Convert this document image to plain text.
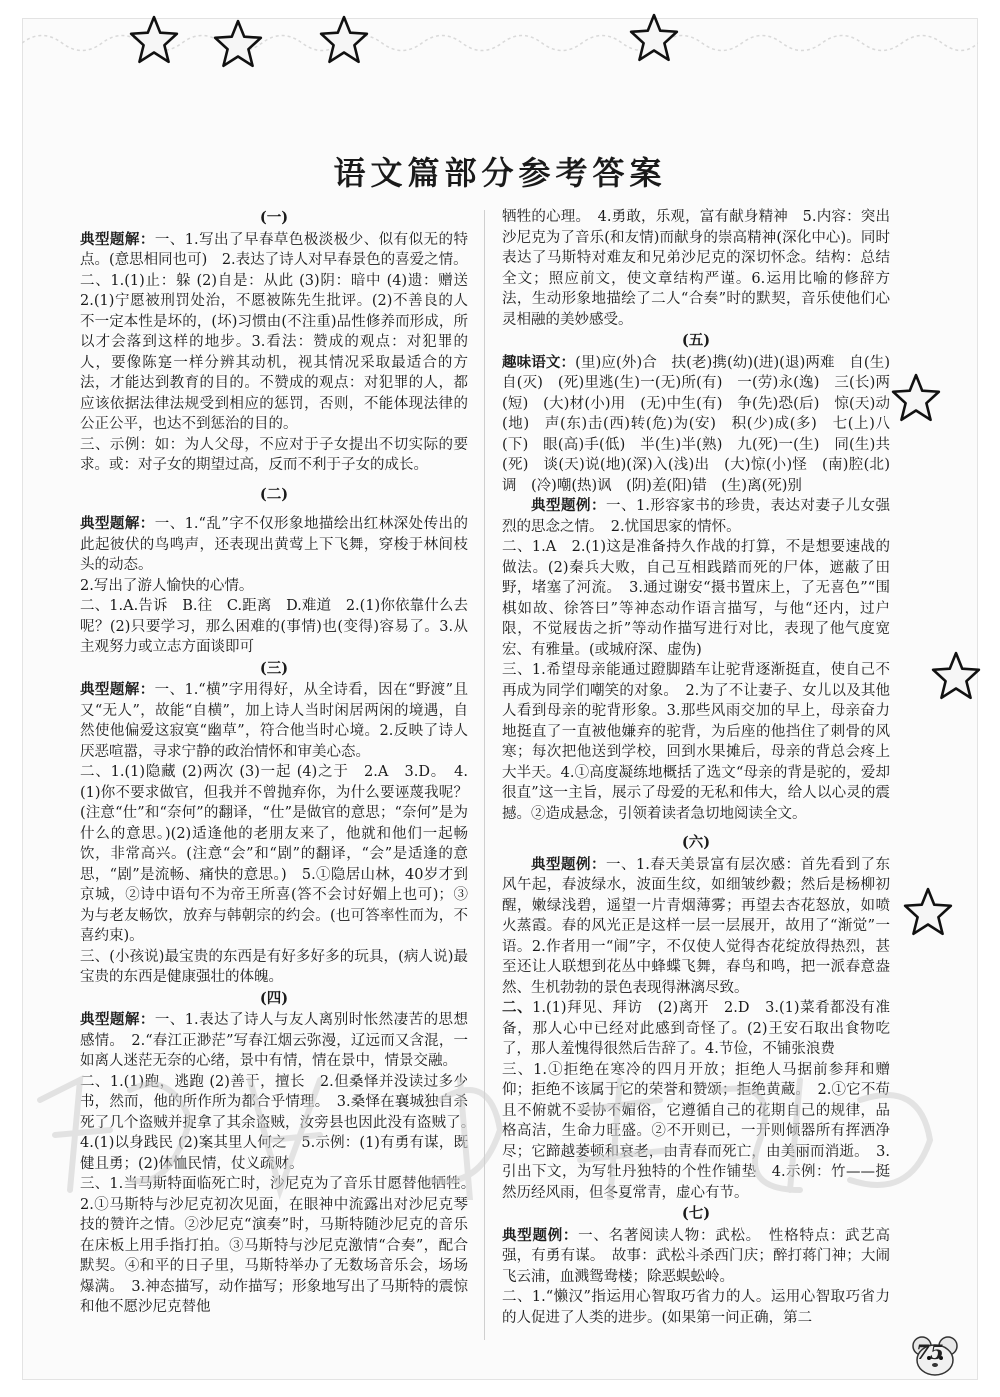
语文篇部分参考答案

(一)

典型题解：一、1.写出了早春草色极淡极少、似有似无的特点。(意思相同也可)　2.表达了诗人对早春景色的喜爱之情。

二、1.(1)止：躲 (2)自是：从此 (3)阴：暗中 (4)遗：赠送　2.(1)宁愿被刑罚处治，不愿被陈先生批评。(2)不善良的人不一定本性是坏的，(坏)习惯由(不注重)品性修养而形成，所以才会落到这样的地步。3.看法：赞成的观点：对犯罪的人，要像陈寔一样分辨其动机，视其情况采取最适合的方法，才能达到教育的目的。不赞成的观点：对犯罪的人，都应该依据法律法规受到相应的惩罚，否则，不能体现法律的公正公平，也达不到惩治的目的。

三、示例：如：为人父母，不应对于子女提出不切实际的要求。或：对子女的期望过高，反而不利于子女的成长。

(二)

典型题解：一、1.“乱”字不仅形象地描绘出红林深处传出的此起彼伏的鸟鸣声，还表现出黄莺上下飞舞，穿梭于林间枝头的动态。

2.写出了游人愉快的心情。

二、1.A.告诉　B.往　C.距离　D.难道　2.(1)你依靠什么去呢？(2)只要学习，那么困难的(事情)也(变得)容易了。3.从主观努力或立志方面谈即可

(三)

典型题解：一、1.“横”字用得好，从全诗看，因在“野渡”且又“无人”，故能“自横”，加上诗人当时闲居两闲的境遇，自然使他偏爱这寂寞“幽草”，符合他当时心境。2.反映了诗人厌恶喧嚣，寻求宁静的政治情怀和审美心态。

二、1.(1)隐藏 (2)两次 (3)一起 (4)之于　2.A　3.D。　4.(1)你不要求做官，但我并不曾抛弃你，为什么要诬蔑我呢？(注意“仕”和“奈何”的翻译，“仕”是做官的意思；“奈何”是为什么的意思。)(2)适逢他的老朋友来了，他就和他们一起畅饮，非常高兴。(注意“会”和“剧”的翻译，“会”是适逢的意思，“剧”是流畅、痛快的意思。)　5.①隐居山林，40岁才到京城，②诗中语句不为帝王所喜(答不会讨好媚上也可)；③为与老友畅饮，放弃与韩朝宗的约会。(也可答率性而为，不喜约束)。

三、(小孩说)最宝贵的东西是有好多好多的玩具，(病人说)最宝贵的东西是健康强壮的体魄。

(四)

典型题解：一、1.表达了诗人与友人离别时怅然凄苦的思想感情。　2.“春江正渺茫”写春江烟云弥漫，辽远而又含混，一如离人迷茫无奈的心绪，景中有情，情在景中，情景交融。

二、1.(1)跑，逃跑 (2)善于，擅长　2.但桑怿并没读过多少书，然而，他的所作所为都合乎情理。　3.桑怿在襄城独自杀死了几个盗贼并捉拿了其余盗贼，汝旁县也因此没有盗贼了。　4.(1)以身践民 (2)案其里人何之　5.示例：(1)有勇有谋，既健且勇；(2)体恤民情，仗义疏财。

三、1.当马斯特面临死亡时，沙尼克为了音乐甘愿替他牺牲。　2.①马斯特与沙尼克初次见面，在眼神中流露出对沙尼克琴技的赞许之情。②沙尼克“演奏”时，马斯特随沙尼克的音乐在床板上用手指打拍。③马斯特与沙尼克激情“合奏”，配合默契。④和平的日子里，马斯特举办了无数场音乐会，场场爆满。　3.神态描写，动作描写；形象地写出了马斯特的震惊和他不愿沙尼克替他

牺牲的心理。　4.勇敢，乐观，富有献身精神　5.内容：突出沙尼克为了音乐(和友情)而献身的崇高精神(深化中心)。同时表达了马斯特对难友和兄弟沙尼克的深切怀念。结构：总结全文；照应前文，使文章结构严谨。6.运用比喻的修辞方法，生动形象地描绘了二人“合奏”时的默契，音乐使他们心灵相融的美妙感受。

(五)

趣味语文：(里)应(外)合　扶(老)携(幼)(进)(退)两难　自(生)自(灭)　(死)里逃(生)一(无)所(有)　一(劳)永(逸)　三(长)两(短)　(大)材(小)用　(无)中生(有)　争(先)恐(后)　惊(天)动(地)　声(东)击(西)转(危)为(安)　积(少)成(多)　七(上)八(下)　眼(高)手(低)　半(生)半(熟)　九(死)一(生)　同(生)共(死)　谈(天)说(地)(深)入(浅)出　(大)惊(小)怪　(南)腔(北)调　(冷)嘲(热)讽　(阴)差(阳)错　(生)离(死)别

典型题例：一、1.形容家书的珍贵，表达对妻子儿女强烈的思念之情。　2.忧国思家的情怀。

二、1.A　2.(1)这是准备持久作战的打算，不是想要速战的做法。(2)秦兵大败，自己互相践踏而死的尸体，遮蔽了田野，堵塞了河流。　3.通过谢安“摄书置床上，了无喜色”“围棋如故、徐答曰”等神态动作语言描写，与他“还内，过户限，不觉屐齿之折”等动作描写进行对比，表现了他气度宽宏、有雅量。(或城府深、虚伪)

三、1.希望母亲能通过蹬脚踏车让驼背逐渐挺直，使自己不再成为同学们嘲笑的对象。　2.为了不让妻子、女儿以及其他人看到母亲的驼背形象。3.那些风雨交加的早上，母亲奋力地挺直了一直被他嫌弃的驼背，为后座的他挡住了刺骨的风寒；每次把他送到学校，回到水果摊后，母亲的背总会疼上大半天。4.①高度凝练地概括了选文“母亲的背是驼的，爱却很直”这一主旨，展示了母爱的无私和伟大，给人以心灵的震撼。②造成悬念，引领着读者急切地阅读全文。

(六)

典型题例：一、1.春天美景富有层次感：首先看到了东风午起，春波绿水，波面生纹，如细皱纱縠；然后是杨柳初醒，嫩绿浅碧，遥望一片青烟薄雾；再望去杏花怒放，如喷火蒸霞。春的风光正是这样一层一层展开，故用了“渐觉”一语。2.作者用一“闹”字，不仅使人觉得杏花绽放得热烈，甚至还让人联想到花丛中蜂蝶飞舞，春鸟和鸣，把一派春意盎然、生机勃勃的景色表现得淋漓尽致。

二、1.(1)拜见、拜访　(2)离开　2.D　3.(1)菜肴都没有准备，那人心中已经对此感到奇怪了。(2)王安石取出食物吃了，那人羞愧得很然后告辞了。4.节俭，不铺张浪费

三、1.①拒绝在寒冷的四月开放；拒绝人马据前参拜和赠仰；拒绝不该属于它的荣誉和赞颂；拒绝黄蔵。　2.①它不苟且不俯就不妥协不媚俗，它遵循自己的花期自己的规律，品格高洁，生命力旺盛。②不开则已，一开则倾器所有挥洒净尽；它蹄越萎顿和衰老，由青春而死亡，由美丽而消逝。　3.引出下文，为写牡丹独特的个性作铺垫　4.示例：竹——挺然历经风雨，但冬夏常青，虚心有节。

(七)

典型题例：一、名著阅读人物：武松。　性格特点：武艺高强，有勇有谋。　故事：武松斗杀西门庆；醉打蒋门神；大闹飞云浦，血溅鸳鸯楼；除恶蜈蚣岭。

二、1.“懒汉”指运用心智取巧省力的人。运用心智取巧省力的人促进了人类的进步。(如果第一问正确，第二

75
